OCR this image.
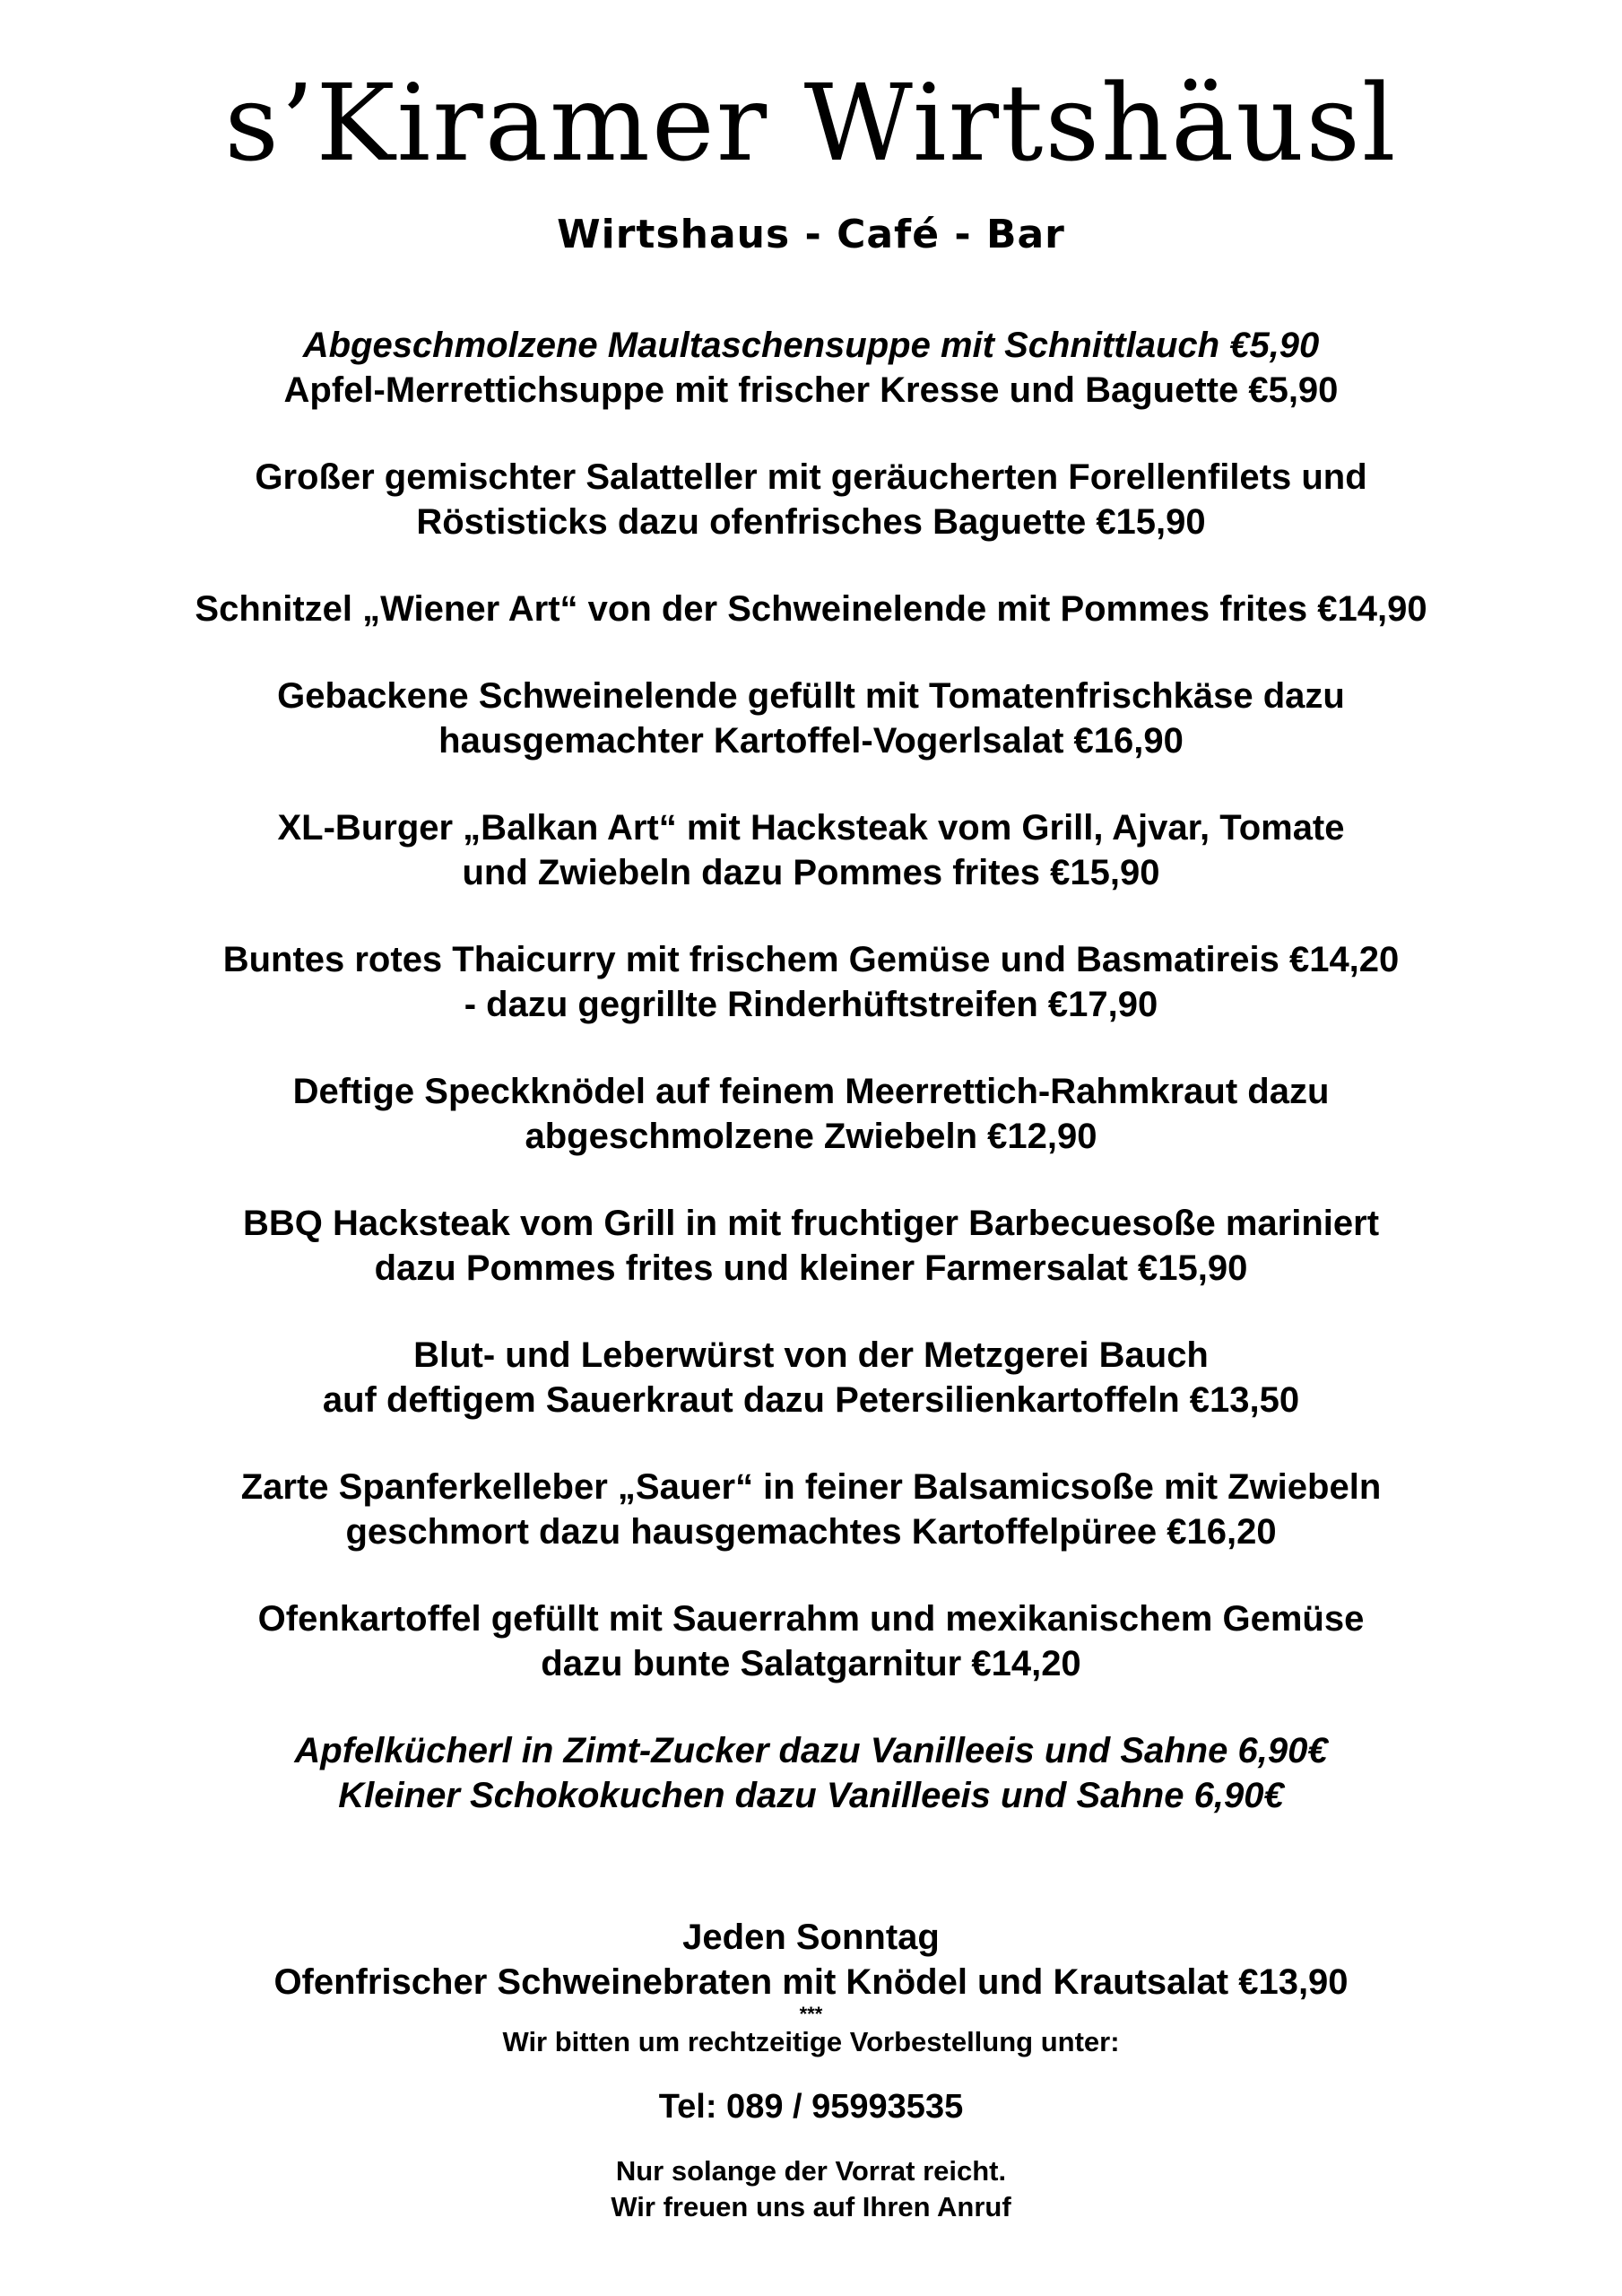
s’Kiramer Wirtshäusl
Wirtshaus - Café - Bar

Abgeschmolzene Maultaschensuppe mit Schnittlauch €5,90

Apfel-Merrettichsuppe mit frischer Kresse und Baguette €5,90

Großer gemischter Salatteller mit geräucherten Forellenfilets und

Röstisticks dazu ofenfrisches Baguette €15,90

Schnitzel „Wiener Art“ von der Schweinelende mit Pommes frites €14,90

Gebackene Schweinelende gefüllt mit Tomatenfrischkäse dazu

hausgemachter Kartoffel-Vogerlsalat €16,90

XL-Burger „Balkan Art“ mit Hacksteak vom Grill, Ajvar, Tomate

und Zwiebeln dazu Pommes frites €15,90

Buntes rotes Thaicurry mit frischem Gemüse und Basmatireis €14,20

- dazu gegrillte Rinderhüftstreifen €17,90

Deftige Speckknödel auf feinem Meerrettich-Rahmkraut dazu

abgeschmolzene Zwiebeln €12,90

BBQ Hacksteak vom Grill in mit fruchtiger Barbecuesoße mariniert

dazu Pommes frites und kleiner Farmersalat €15,90

Blut- und Leberwürst von der Metzgerei Bauch

auf deftigem Sauerkraut dazu Petersilienkartoffeln €13,50

Zarte Spanferkelleber „Sauer“ in feiner Balsamicsoße mit Zwiebeln

geschmort dazu hausgemachtes Kartoffelpüree €16,20

Ofenkartoffel gefüllt mit Sauerrahm und mexikanischem Gemüse

dazu bunte Salatgarnitur €14,20

Apfelkücherl in Zimt-Zucker dazu Vanilleeis und Sahne 6,90€

Kleiner Schokokuchen dazu Vanilleeis und Sahne 6,90€

Jeden Sonntag

Ofenfrischer Schweinebraten mit Knödel und Krautsalat €13,90

***

Wir bitten um rechtzeitige Vorbestellung unter:

Tel: 089 / 95993535

Nur solange der Vorrat reicht.

Wir freuen uns auf Ihren Anruf
